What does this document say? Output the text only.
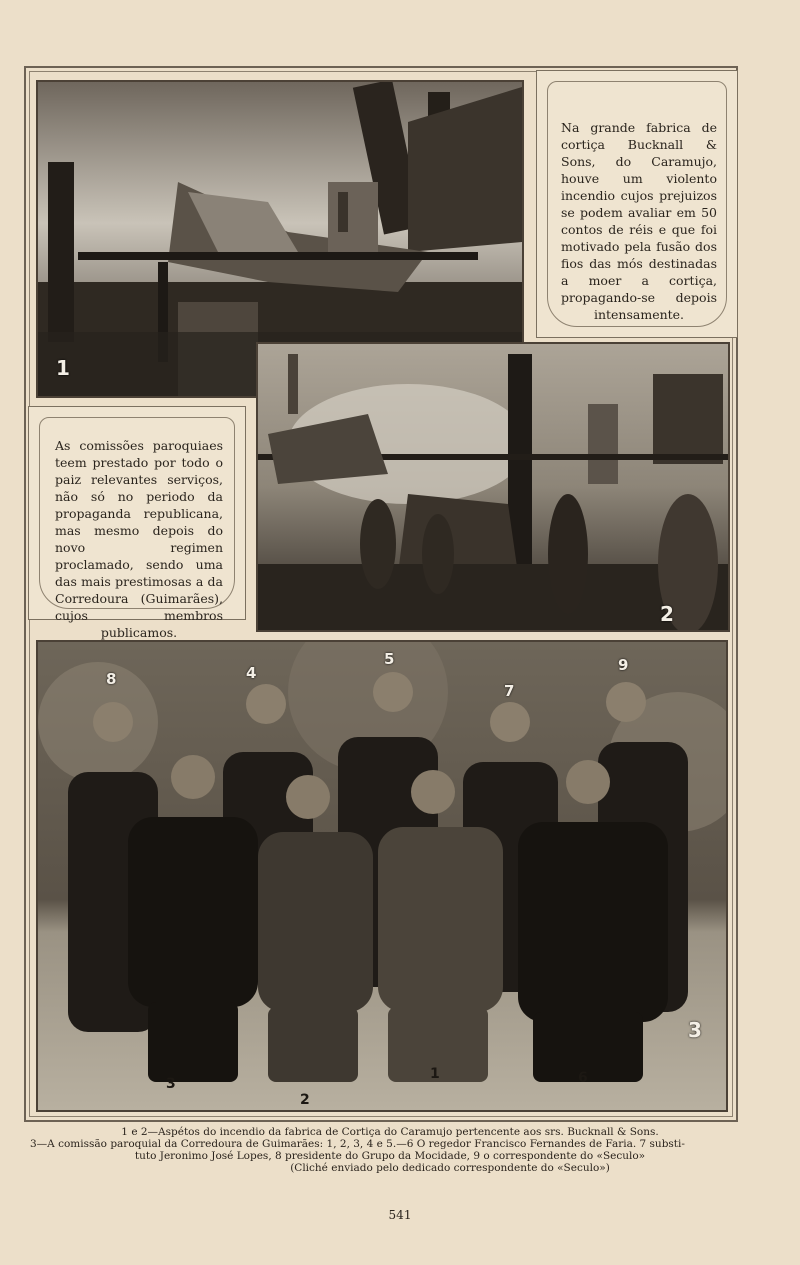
1
Na grande fabrica de cortiça Bucknall & Sons, do Caramujo, houve um violento incendio cujos prejuizos se podem avaliar em 50 contos de réis e que foi motivado pela fusão dos fios das mós destinadas a moer a cortiça, propagando-se depois intensamente.
As comissões paroquiaes teem prestado por todo o paiz relevantes serviços, não só no periodo da propaganda republicana, mas mesmo depois do novo regimen proclamado, sendo uma das mais prestimosas a da Corredoura (Guimarães), cujos membros publicamos.
2
8	4
5
7
9
3
2
1	6
3
1 e 2—Aspétos do incendio da fabrica de Cortiça do Caramujo pertencente aos srs. Bucknall & Sons.
3—A comissão paroquial da Corredoura de Guimarães: 1, 2, 3, 4 e 5.—6 O regedor Francisco Fernandes de Faria. 7 substi-
tuto Jeronimo José Lopes, 8 presidente do Grupo da Mocidade, 9 o correspondente do «Seculo»
(Cliché enviado pelo dedicado correspondente do «Seculo»)
541
